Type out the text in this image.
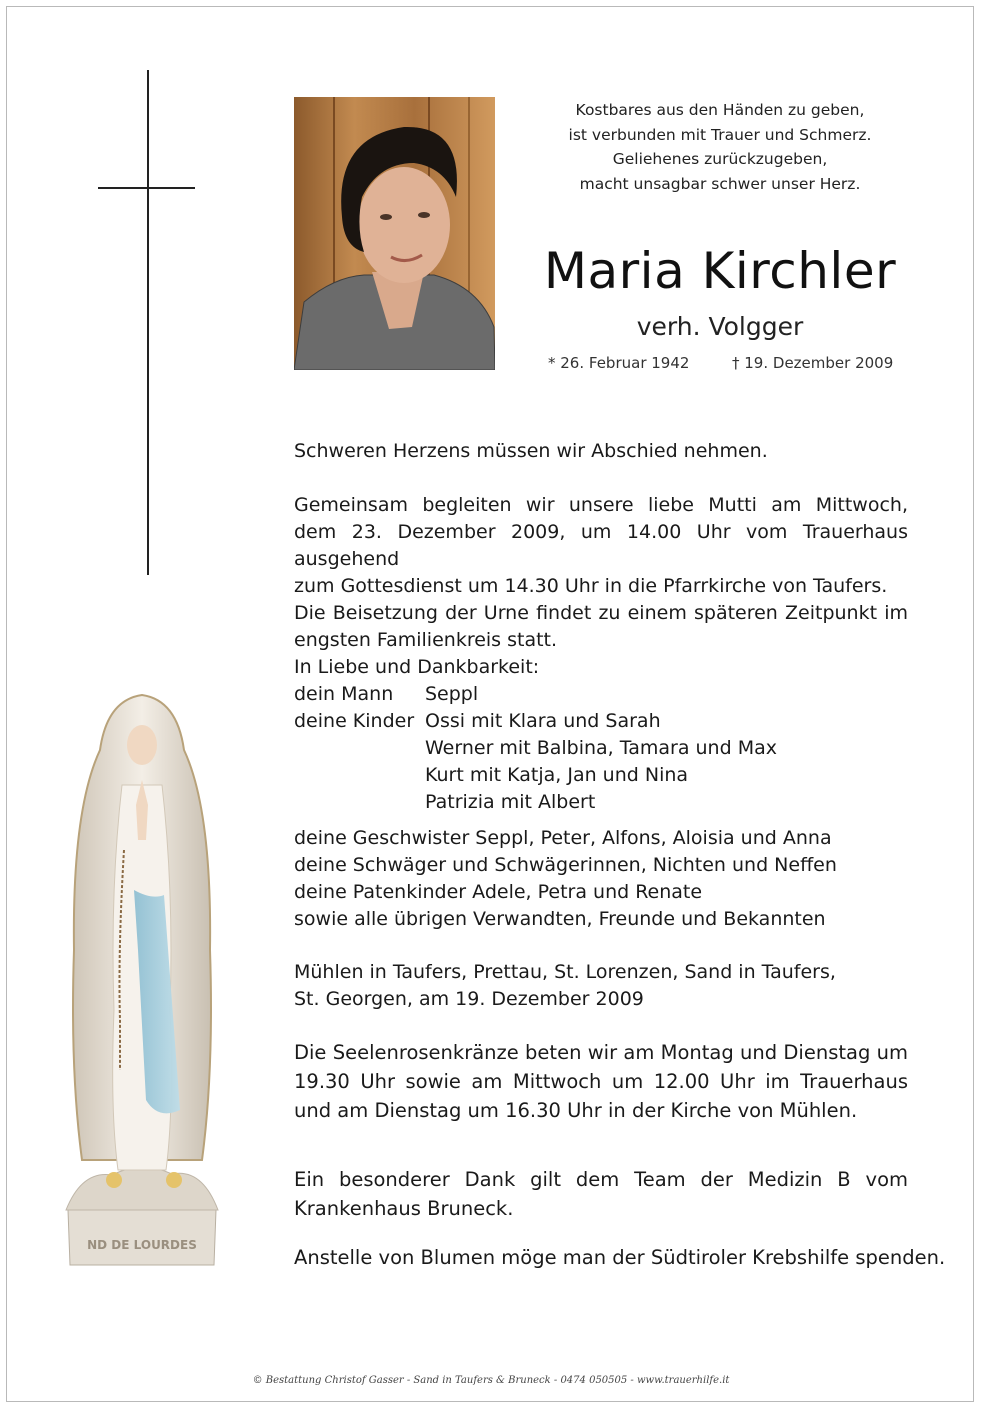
Kostbares aus den Händen zu geben,
ist verbunden mit Trauer und Schmerz.
Geliehenes zurückzugeben,
macht unsagbar schwer unser Herz.
Maria Kirchler
verh. Volgger
* 26. Februar 1942	† 19. Dezember 2009
Schweren Herzens müssen wir Abschied nehmen.
Gemeinsam begleiten wir unsere liebe Mutti am Mittwoch,
dem 23. Dezember 2009, um 14.00 Uhr vom Trauerhaus ausgehend
zum Gottesdienst um 14.30 Uhr in die Pfarrkirche von Taufers.
Die Beisetzung der Urne findet zu einem späteren Zeitpunkt im
engsten Familienkreis statt.
In Liebe und Dankbarkeit:
dein Mann Seppl
deine Kinder Ossi mit Klara und Sarah
Werner mit Balbina, Tamara und Max
Kurt mit Katja, Jan und Nina
Patrizia mit Albert
deine Geschwister Seppl, Peter, Alfons, Aloisia und Anna
deine Schwäger und Schwägerinnen, Nichten und Neffen
deine Patenkinder Adele, Petra und Renate
sowie alle übrigen Verwandten, Freunde und Bekannten
Mühlen in Taufers, Prettau, St. Lorenzen, Sand in Taufers,
St. Georgen, am 19. Dezember 2009
Die Seelenrosenkränze beten wir am Montag und Dienstag um
19.30 Uhr sowie am Mittwoch um 12.00 Uhr im Trauerhaus
und am Dienstag um 16.30 Uhr in der Kirche von Mühlen.
Ein besonderer Dank gilt dem Team der Medizin B vom
Krankenhaus Bruneck.
Anstelle von Blumen möge man der Südtiroler Krebshilfe spenden.
ND DE LOURDES
© Bestattung Christof Gasser - Sand in Taufers & Bruneck - 0474 050505 - www.trauerhilfe.it
